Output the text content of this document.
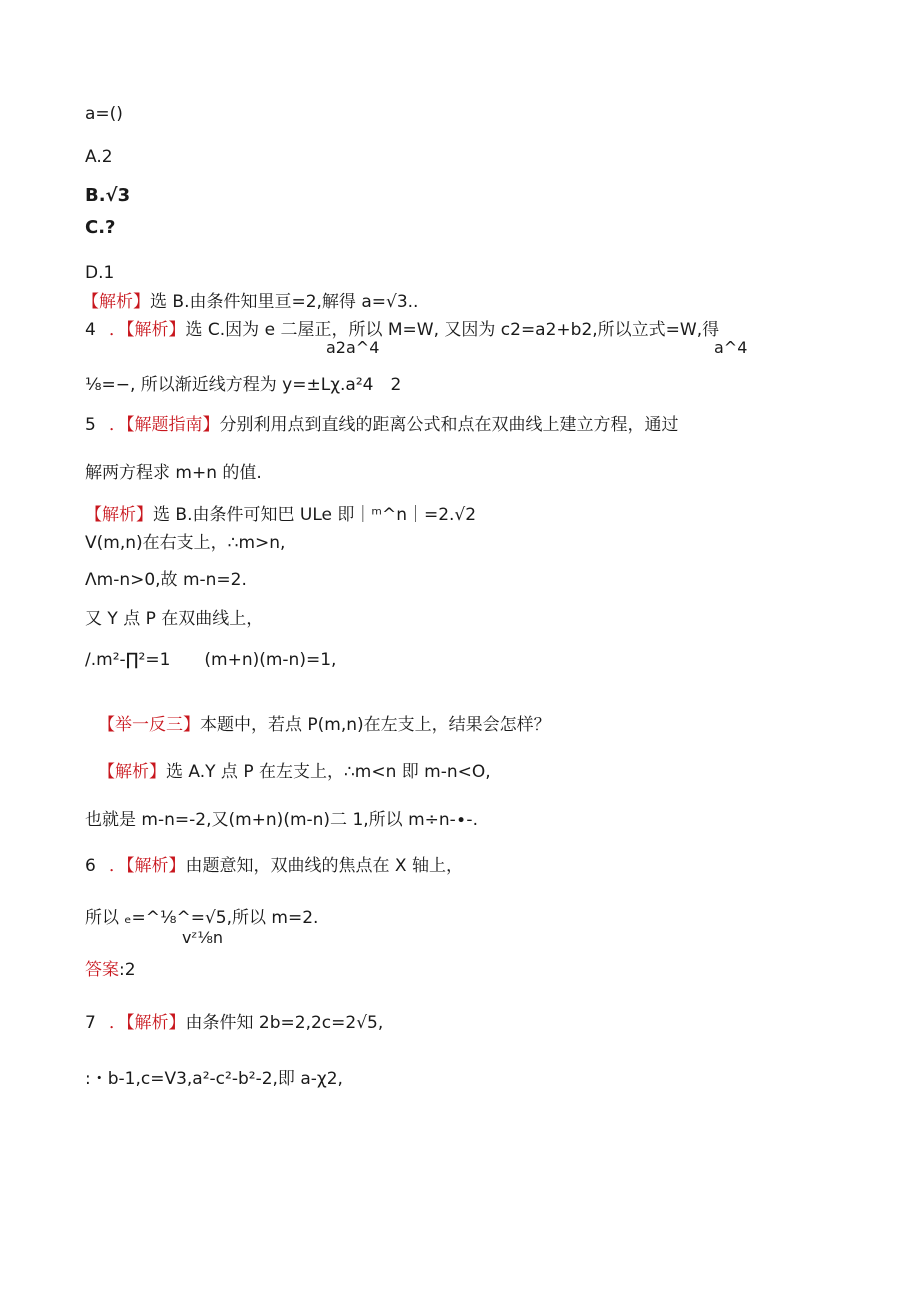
a=()
A.2
B.√3
C.?
D.1
【解析】选 B.由条件知里亘=2,解得 a=√3..
4 ．【解析】选 C.因为 e 二屋正，所以 M=W, 又因为 c2=a2+b2,所以立式=W,得
a2a^4	a^4
⅛=−, 所以渐近线方程为 y=±Lχ.a²4　2
5 ．【解题指南】分别利用点到直线的距离公式和点在双曲线上建立方程，通过
解两方程求 m+n 的值.
【解析】选 B.由条件可知巴 ULe 即｜ᵐ^n｜=2.√2
V(m,n)在右支上，∴m>n,
Λm-n>0,故 m-n=2.
又 Y 点 P 在双曲线上，
/.m²-∏²=1　　(m+n)(m-n)=1,
【举一反三】本题中，若点 P(m,n)在左支上，结果会怎样？
【解析】选 A.Y 点 P 在左支上，∴m<n 即 m-n<O,
也就是 m-n=-2,又(m+n)(m-n)二 1,所以 m÷n-∙-.
6 ．【解析】由题意知，双曲线的焦点在 X 轴上，
所以 ₑ=^⅛^=√5,所以 m=2.
vᶻ⅛n
答案:2
7 ．【解析】由条件知 2b=2,2c=2√5,
:・b-1,c=V3,a²-c²-b²-2,即 a-χ2,
